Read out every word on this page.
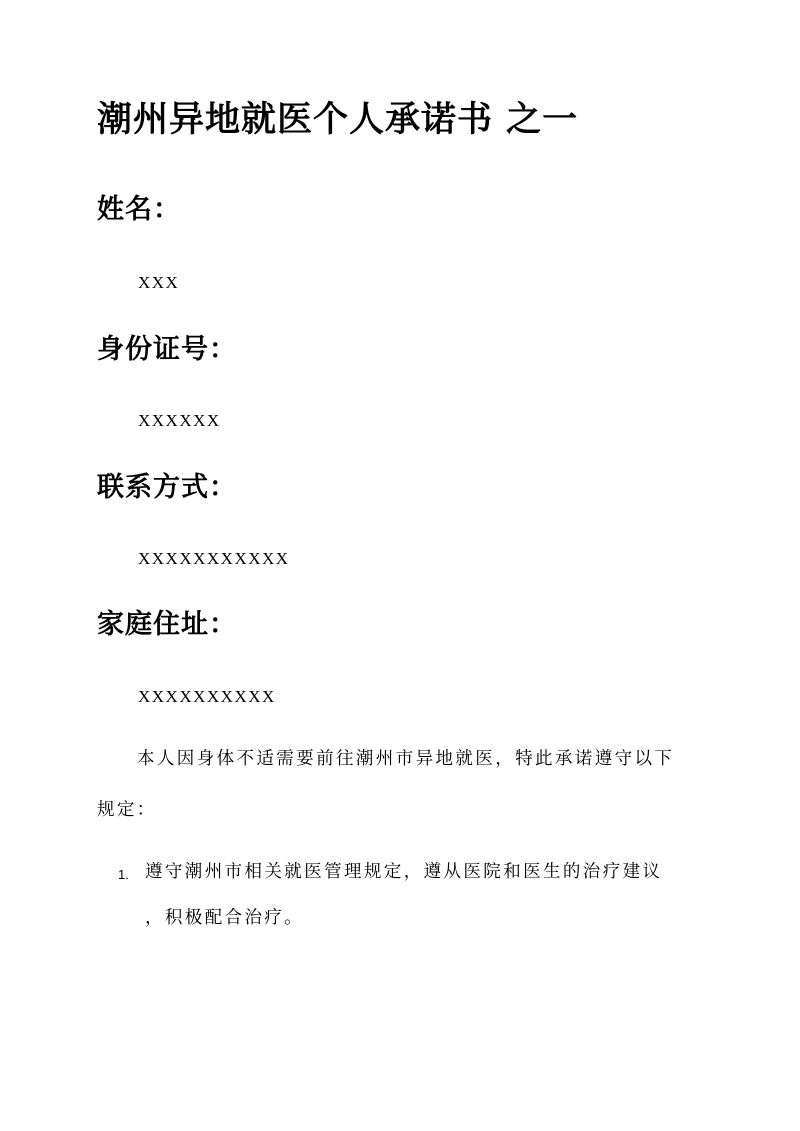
潮州异地就医个人承诺书 之一
姓名：
XXX
身份证号：
XXXXXX
联系方式：
XXXXXXXXXXX
家庭住址：
XXXXXXXXXX
本人因身体不适需要前往潮州市异地就医，特此承诺遵守以下
规定：
1. 遵守潮州市相关就医管理规定，遵从医院和医生的治疗建议
，积极配合治疗。
